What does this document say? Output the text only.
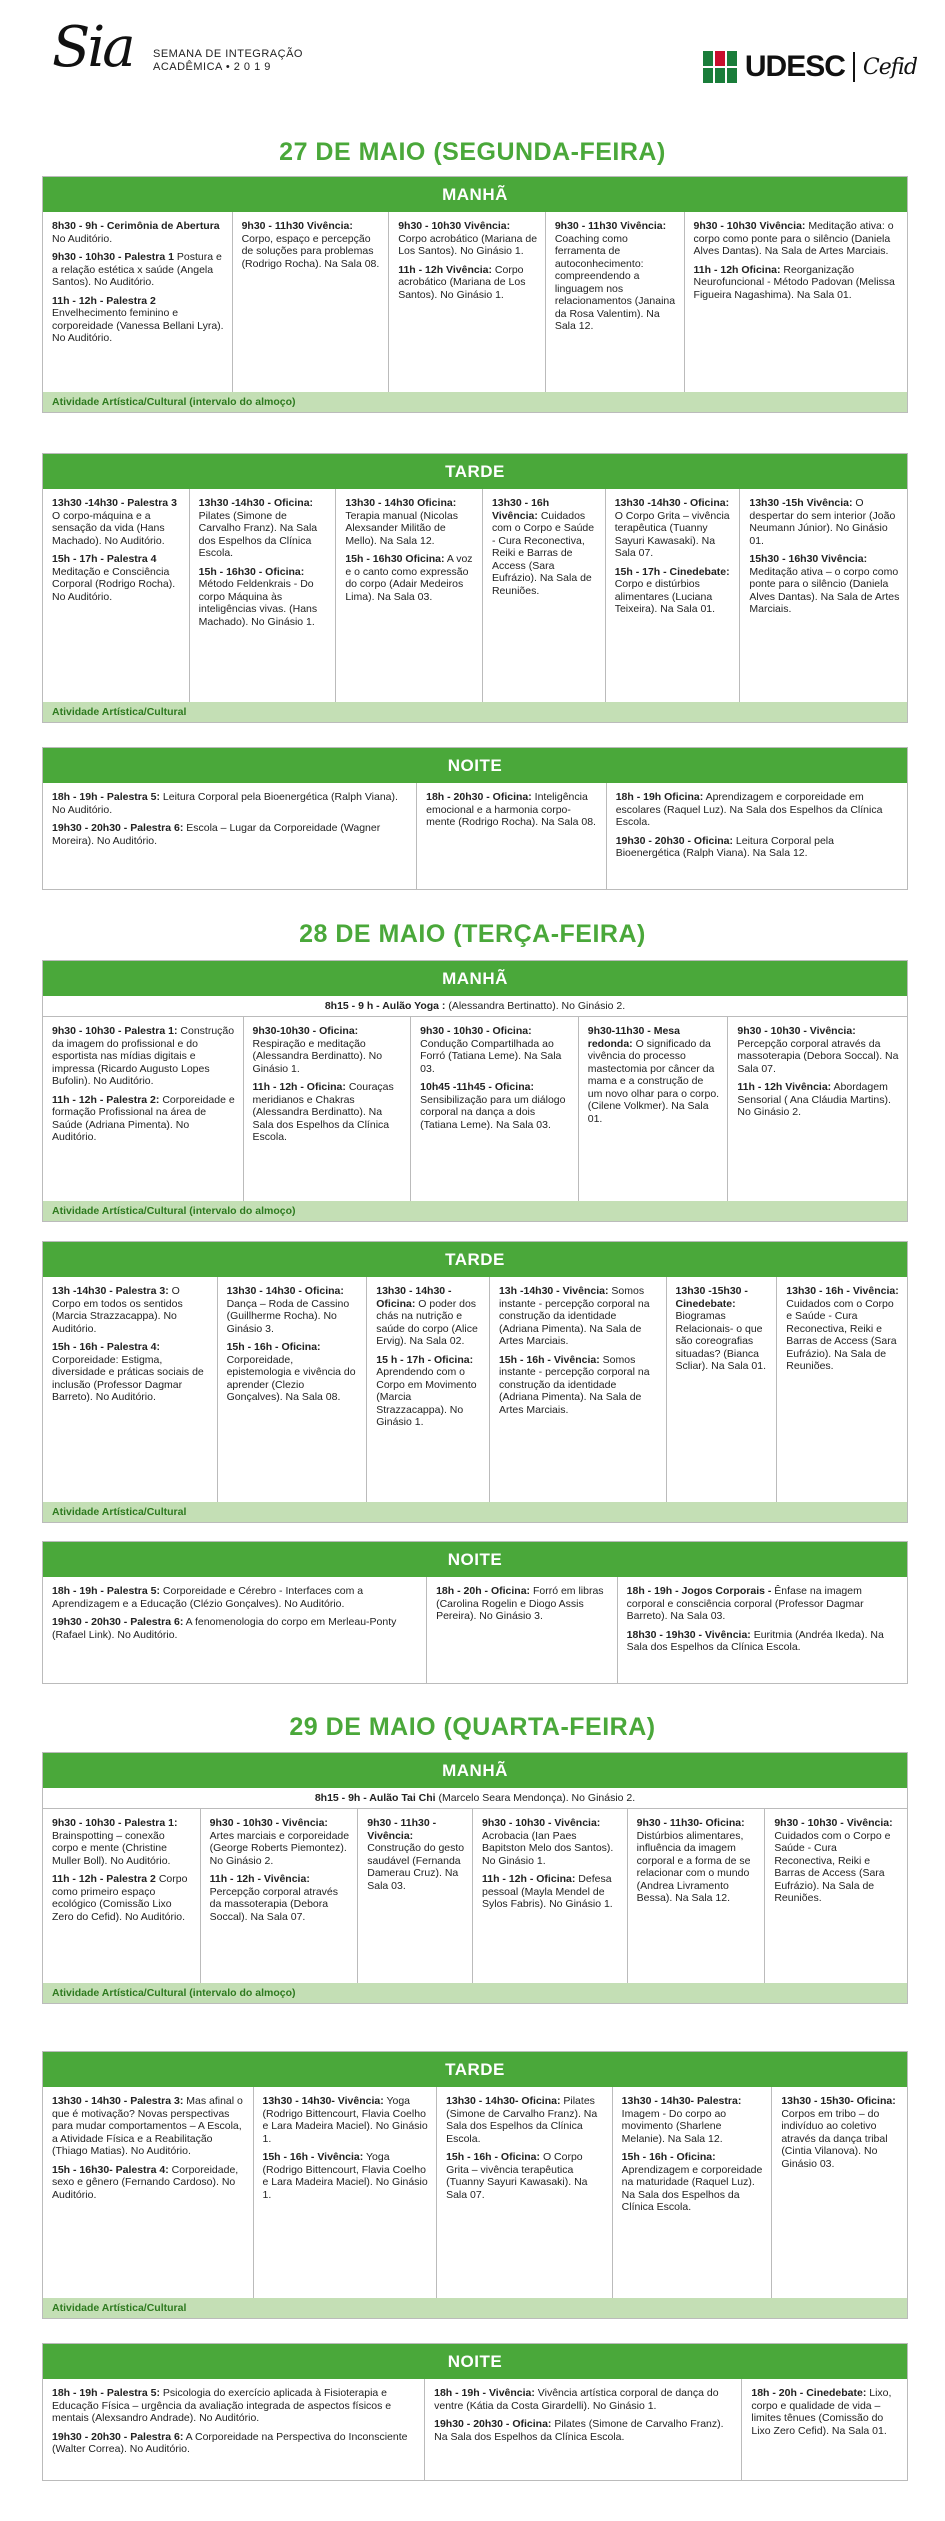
Sia SEMANA DE INTEGRAÇÃO
ACADÊMICA • 2 0 1 9	UDESC Cefid
27 DE MAIO (SEGUNDA-FEIRA)
MANHÃ
8h30 - 9h - Cerimônia de Abertura No Auditório.
9h30 - 10h30 - Palestra 1 Postura e a relação estética x saúde (Angela Santos). No Auditório.
11h - 12h - Palestra 2 Envelhecimento feminino e corporeidade (Vanessa Bellani Lyra). No Auditório.
9h30 - 11h30 Vivência: Corpo, espaço e percepção de soluções para problemas (Rodrigo Rocha). Na Sala 08.
9h30 - 10h30 Vivência: Corpo acrobático (Mariana de Los Santos). No Ginásio 1.
11h - 12h Vivência: Corpo acrobático (Mariana de Los Santos). No Ginásio 1.
9h30 - 11h30 Vivência: Coaching como ferramenta de autoconhecimento: compreendendo a linguagem nos relacionamentos (Janaina da Rosa Valentim). Na Sala 12.
9h30 - 10h30 Vivência: Meditação ativa: o corpo como ponte para o silêncio (Daniela Alves Dantas). Na Sala de Artes Marciais.
11h - 12h Oficina: Reorganização Neurofuncional - Método Padovan (Melissa Figueira Nagashima). Na Sala 01.
Atividade Artística/Cultural (intervalo do almoço)
TARDE
13h30 -14h30 - Palestra 3 O corpo-máquina e a sensação da vida (Hans Machado). No Auditório.
15h - 17h - Palestra 4 Meditação e Consciência Corporal (Rodrigo Rocha). No Auditório.
13h30 -14h30 - Oficina: Pilates (Simone de Carvalho Franz). Na Sala dos Espelhos da Clínica Escola.
15h - 16h30 - Oficina: Método Feldenkrais - Do corpo Máquina às inteligências vivas. (Hans Machado). No Ginásio 1.
13h30 - 14h30 Oficina: Terapia manual (Nicolas Alexsander Militão de Mello). Na Sala 12.
15h - 16h30 Oficina: A voz e o canto como expressão do corpo (Adair Medeiros Lima). Na Sala 03.
13h30 - 16h Vivência: Cuidados com o Corpo e Saúde - Cura Reconectiva, Reiki e Barras de Access (Sara Eufrázio). Na Sala de Reuniões.
13h30 -14h30 - Oficina: O Corpo Grita – vivência terapêutica (Tuanny Sayuri Kawasaki). Na Sala 07.
15h - 17h - Cinedebate: Corpo e distúrbios alimentares (Luciana Teixeira). Na Sala 01.
13h30 -15h Vivência: O despertar do sem interior (João Neumann Júnior). No Ginásio 01.
15h30 - 16h30 Vivência: Meditação ativa – o corpo como ponte para o silêncio (Daniela Alves Dantas). Na Sala de Artes Marciais.
Atividade Artística/Cultural
NOITE
18h - 19h - Palestra 5: Leitura Corporal pela Bioenergética (Ralph Viana). No Auditório.
19h30 - 20h30 - Palestra 6: Escola – Lugar da Corporeidade (Wagner Moreira). No Auditório.
18h - 20h30 - Oficina: Inteligência emocional e a harmonia corpo-mente (Rodrigo Rocha). Na Sala 08.
18h - 19h Oficina: Aprendizagem e corporeidade em escolares (Raquel Luz). Na Sala dos Espelhos da Clínica Escola.
19h30 - 20h30 - Oficina: Leitura Corporal pela Bioenergética (Ralph Viana). Na Sala 12.
28 DE MAIO (TERÇA-FEIRA)
MANHÃ
8h15 - 9 h - Aulão Yoga : (Alessandra Bertinatto). No Ginásio 2.
9h30 - 10h30 - Palestra 1: Construção da imagem do profissional e do esportista nas mídias digitais e impressa (Ricardo Augusto Lopes Bufolin). No Auditório.
11h - 12h - Palestra 2: Corporeidade e formação Profissional na área de Saúde (Adriana Pimenta). No Auditório.
9h30-10h30 - Oficina: Respiração e meditação (Alessandra Berdinatto). No Ginásio 1.
11h - 12h - Oficina: Couraças meridianos e Chakras (Alessandra Berdinatto). Na Sala dos Espelhos da Clínica Escola.
9h30 - 10h30 - Oficina: Condução Compartilhada ao Forró (Tatiana Leme). Na Sala 03.
10h45 -11h45 - Oficina: Sensibilização para um diálogo corporal na dança a dois (Tatiana Leme). Na Sala 03.
9h30-11h30 - Mesa redonda: O significado da vivência do processo mastectomia por câncer da mama e a construção de um novo olhar para o corpo. (Cilene Volkmer). Na Sala 01.
9h30 - 10h30 - Vivência: Percepção corporal através da massoterapia (Debora Soccal). Na Sala 07.
11h - 12h Vivência: Abordagem Sensorial ( Ana Cláudia Martins). No Ginásio 2.
Atividade Artística/Cultural (intervalo do almoço)
TARDE
13h -14h30 - Palestra 3: O Corpo em todos os sentidos (Marcia Strazzacappa). No Auditório.
15h - 16h - Palestra 4: Corporeidade: Estigma, diversidade e práticas sociais de inclusão (Professor Dagmar Barreto). No Auditório.
13h30 - 14h30 - Oficina: Dança – Roda de Cassino (Guillherme Rocha). No Ginásio 3.
15h - 16h - Oficina: Corporeidade, epistemologia e vivência do aprender (Clezio Gonçalves). Na Sala 08.
13h30 - 14h30 - Oficina: O poder dos chás na nutrição e saúde do corpo (Alice Ervig). Na Sala 02.
15 h - 17h - Oficina: Aprendendo com o Corpo em Movimento (Marcia Strazzacappa). No Ginásio 1.
13h -14h30 - Vivência: Somos instante - percepção corporal na construção da identidade (Adriana Pimenta). Na Sala de Artes Marciais.
15h - 16h - Vivência: Somos instante - percepção corporal na construção da identidade (Adriana Pimenta). Na Sala de Artes Marciais.
13h30 -15h30 - Cinedebate: Biogramas Relacionais- o que são coreografias situadas? (Bianca Scliar). Na Sala 01.
13h30 - 16h - Vivência: Cuidados com o Corpo e Saúde - Cura Reconectiva, Reiki e Barras de Access (Sara Eufrázio). Na Sala de Reuniões.
Atividade Artística/Cultural
NOITE
18h - 19h - Palestra 5: Corporeidade e Cérebro - Interfaces com a Aprendizagem e a Educação (Clézio Gonçalves). No Auditório.
19h30 - 20h30 - Palestra 6: A fenomenologia do corpo em Merleau-Ponty (Rafael Link). No Auditório.
18h - 20h - Oficina: Forró em libras (Carolina Rogelin e Diogo Assis Pereira). No Ginásio 3.
18h - 19h - Jogos Corporais - Ênfase na imagem corporal e consciência corporal (Professor Dagmar Barreto). Na Sala 03.
18h30 - 19h30 - Vivência: Euritmia (Andréa Ikeda). Na Sala dos Espelhos da Clínica Escola.
29 DE MAIO (QUARTA-FEIRA)
MANHÃ
8h15 - 9h - Aulão Tai Chi (Marcelo Seara Mendonça). No Ginásio 2.
9h30 - 10h30 - Palestra 1: Brainspotting – conexão corpo e mente (Christine Muller Boll). No Auditório.
11h - 12h - Palestra 2 Corpo como primeiro espaço ecológico (Comissão Lixo Zero do Cefid). No Auditório.
9h30 - 10h30 - Vivência: Artes marciais e corporeidade (George Roberts Piemontez). No Ginásio 2.
11h - 12h - Vivência: Percepção corporal através da massoterapia (Debora Soccal). Na Sala 07.
9h30 - 11h30 - Vivência: Construção do gesto saudável (Fernanda Damerau Cruz). Na Sala 03.
9h30 - 10h30 - Vivência: Acrobacia (Ian Paes Bapitston Melo dos Santos). No Ginásio 1.
11h - 12h - Oficina: Defesa pessoal (Mayla Mendel de Sylos Fabris). No Ginásio 1.
9h30 - 11h30- Oficina: Distúrbios alimentares, influência da imagem corporal e a forma de se relacionar com o mundo (Andrea Livramento Bessa). Na Sala 12.
9h30 - 10h30 - Vivência: Cuidados com o Corpo e Saúde - Cura Reconectiva, Reiki e Barras de Access (Sara Eufrázio). Na Sala de Reuniões.
Atividade Artística/Cultural (intervalo do almoço)
TARDE
13h30 - 14h30 - Palestra 3: Mas afinal o que é motivação? Novas perspectivas para mudar comportamentos – A Escola, a Atividade Física e a Reabilitação (Thiago Matias). No Auditório.
15h - 16h30- Palestra 4: Corporeidade, sexo e gênero (Fernando Cardoso). No Auditório.
13h30 - 14h30- Vivência: Yoga (Rodrigo Bittencourt, Flavia Coelho e Lara Madeira Maciel). No Ginásio 1.
15h - 16h - Vivência: Yoga (Rodrigo Bittencourt, Flavia Coelho e Lara Madeira Maciel). No Ginásio 1.
13h30 - 14h30- Oficina: Pilates (Simone de Carvalho Franz). Na Sala dos Espelhos da Clínica Escola.
15h - 16h - Oficina: O Corpo Grita – vivência terapêutica (Tuanny Sayuri Kawasaki). Na Sala 07.
13h30 - 14h30- Palestra: Imagem - Do corpo ao movimento (Sharlene Melanie). Na Sala 12.
15h - 16h - Oficina: Aprendizagem e corporeidade na maturidade (Raquel Luz). Na Sala dos Espelhos da Clínica Escola.
13h30 - 15h30- Oficina: Corpos em tribo – do indivíduo ao coletivo através da dança tribal (Cintia Vilanova). No Ginásio 03.
Atividade Artística/Cultural
NOITE
18h - 19h - Palestra 5: Psicologia do exercício aplicada à Fisioterapia e Educação Física – urgência da avaliação integrada de aspectos físicos e mentais (Alexsandro Andrade). No Auditório.
19h30 - 20h30 - Palestra 6: A Corporeidade na Perspectiva do Inconsciente (Walter Correa). No Auditório.
18h - 19h - Vivência: Vivência artística corporal de dança do ventre (Kátia da Costa Girardelli). No Ginásio 1.
19h30 - 20h30 - Oficina: Pilates (Simone de Carvalho Franz). Na Sala dos Espelhos da Clínica Escola.
18h - 20h - Cinedebate: Lixo, corpo e qualidade de vida – limites tênues (Comissão do Lixo Zero Cefid). Na Sala 01.
